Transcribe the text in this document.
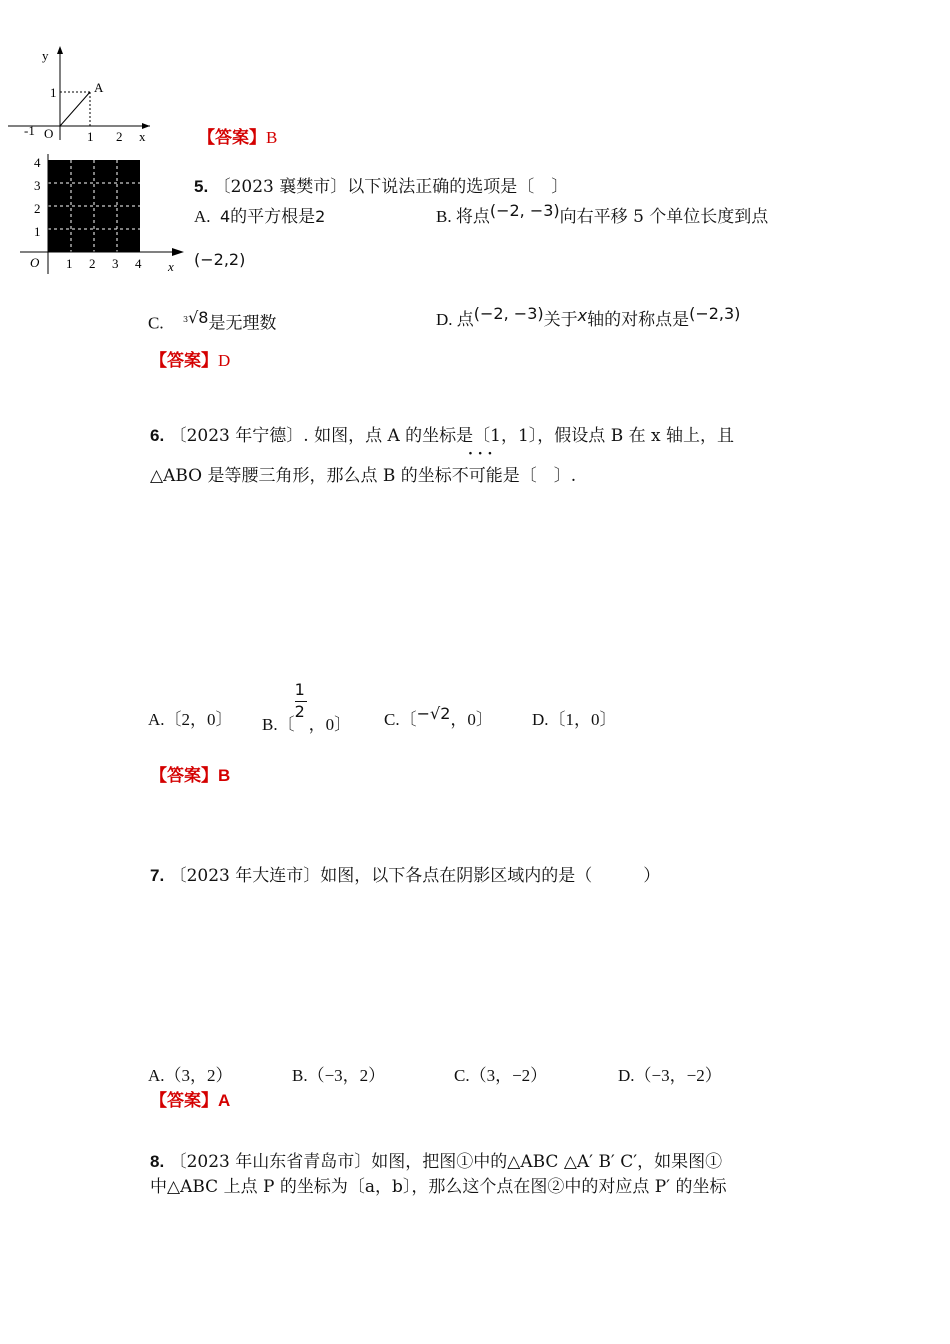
y
1	A
-1 O	1 2 x	【答案】B
4
3
2
1
O 1 2 3 4 x
5. 〔2023 襄樊市〕以下说法正确的选项是〔　〕
A. 4的平方根是2	B. 将点(−2, −3)向右平移 5 个单位长度到点
(−2,2)
C. $^3$√8是无理数	D. 点(−2, −3)关于x轴的对称点是(−2,3)
【答案】D
6. 〔2023 年宁德〕. 如图，点 A 的坐标是〔1，1〕，假设点 B 在 x 轴上，且
· · ·
△ABO 是等腰三角形，那么点 B 的坐标不可能是〔　〕.
A.〔2，0〕 B.〔 $\frac{1}{2}$ ，0〕 C.〔−√2，0〕 D.〔1，0〕
【答案】B
7. 〔2023 年大连市〕如图，以下各点在阴影区域内的是（　　　）
A.（3，2）	B.（−3，2）	C.（3，−2）	D.（−3，−2）
【答案】A
8. 〔2023 年山东省青岛市〕如图，把图①中的△ABC △A′ B′ C′，如果图①
中△ABC 上点 P 的坐标为〔a，b〕，那么这个点在图②中的对应点 P′ 的坐标
